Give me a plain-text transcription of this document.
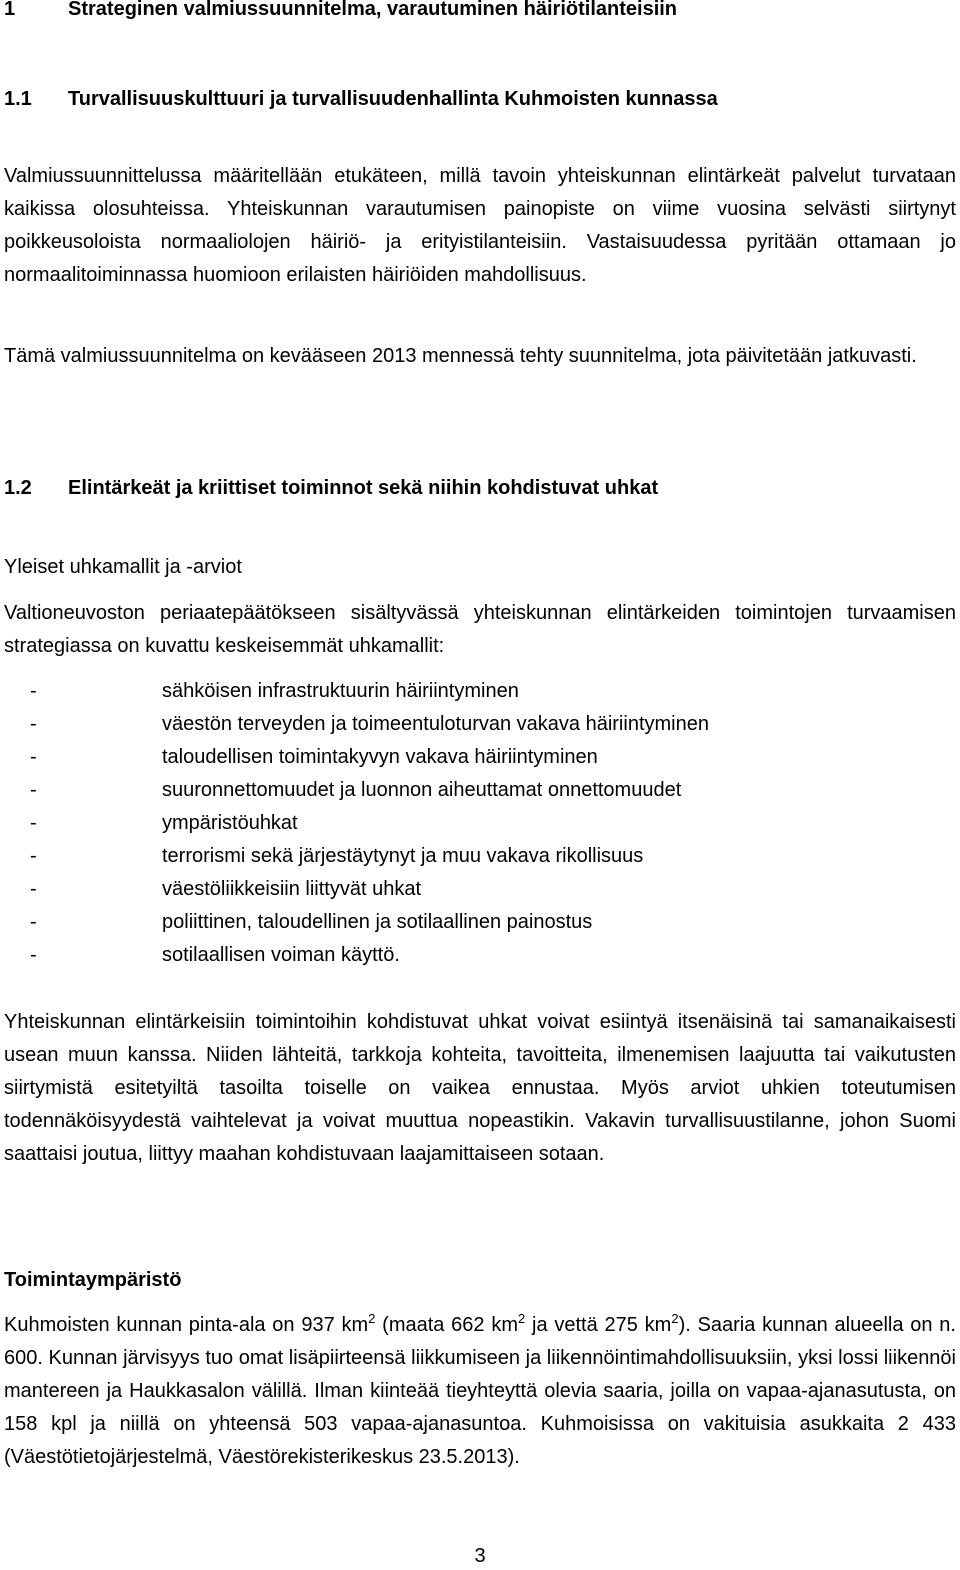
1	Strateginen valmiussuunnitelma, varautuminen häiriötilanteisiin
1.1 Turvallisuuskulttuuri ja turvallisuudenhallinta Kuhmoisten kunnassa

Valmiussuunnittelussa määritellään etukäteen, millä tavoin yhteiskunnan elintärkeät palvelut turvataan kaikissa olosuhteissa. Yhteiskunnan varautumisen painopiste on viime vuosina selvästi siirtynyt poikkeusoloista normaaliolojen häiriö- ja erityistilanteisiin. Vastaisuudessa pyritään ottamaan jo normaalitoiminnassa huomioon erilaisten häiriöiden mahdollisuus.

Tämä valmiussuunnitelma on kevääseen 2013 mennessä tehty suunnitelma, jota päivitetään jatkuvasti.

1.2 Elintärkeät ja kriittiset toiminnot sekä niihin kohdistuvat uhkat

Yleiset uhkamallit ja -arviot

Valtioneuvoston periaatepäätökseen sisältyvässä yhteiskunnan elintärkeiden toimintojen turvaamisen strategiassa on kuvattu keskeisemmät uhkamallit:

-	sähköisen infrastruktuurin häiriintyminen
-	väestön terveyden ja toimeentuloturvan vakava häiriintyminen
-	taloudellisen toimintakyvyn vakava häiriintyminen
-	suuronnettomuudet ja luonnon aiheuttamat onnettomuudet
-	ympäristöuhkat
-	terrorismi sekä järjestäytynyt ja muu vakava rikollisuus
-	väestöliikkeisiin liittyvät uhkat
-	poliittinen, taloudellinen ja sotilaallinen painostus
-	sotilaallisen voiman käyttö.

Yhteiskunnan elintärkeisiin toimintoihin kohdistuvat uhkat voivat esiintyä itsenäisinä tai samanaikaisesti usean muun kanssa. Niiden lähteitä, tarkkoja kohteita, tavoitteita, ilmenemisen laajuutta tai vaikutusten siirtymistä esitetyiltä tasoilta toiselle on vaikea ennustaa. Myös arviot uhkien toteutumisen todennäköisyydestä vaihtelevat ja voivat muuttua nopeastikin. Vakavin turvallisuustilanne, johon Suomi saattaisi joutua, liittyy maahan kohdistuvaan laajamittaiseen sotaan.

Toimintaympäristö

Kuhmoisten kunnan pinta-ala on 937 $km^2$ (maata 662 $km^2$ ja vettä 275 $km^2$). Saaria kunnan alueella on n. 600. Kunnan järvisyys tuo omat lisäpiirteensä liikkumiseen ja liikennöintimahdollisuuksiin, yksi lossi liikennöi mantereen ja Haukkasalon välillä. Ilman kiinteää tieyhteyttä olevia saaria, joilla on vapaa-ajanasutusta, on 158 kpl ja niillä on yhteensä 503 vapaa-ajanasuntoa. Kuhmoisissa on vakituisia asukkaita 2 433 (Väestötietojärjestelmä, Väestörekisterikeskus 23.5.2013).

3
